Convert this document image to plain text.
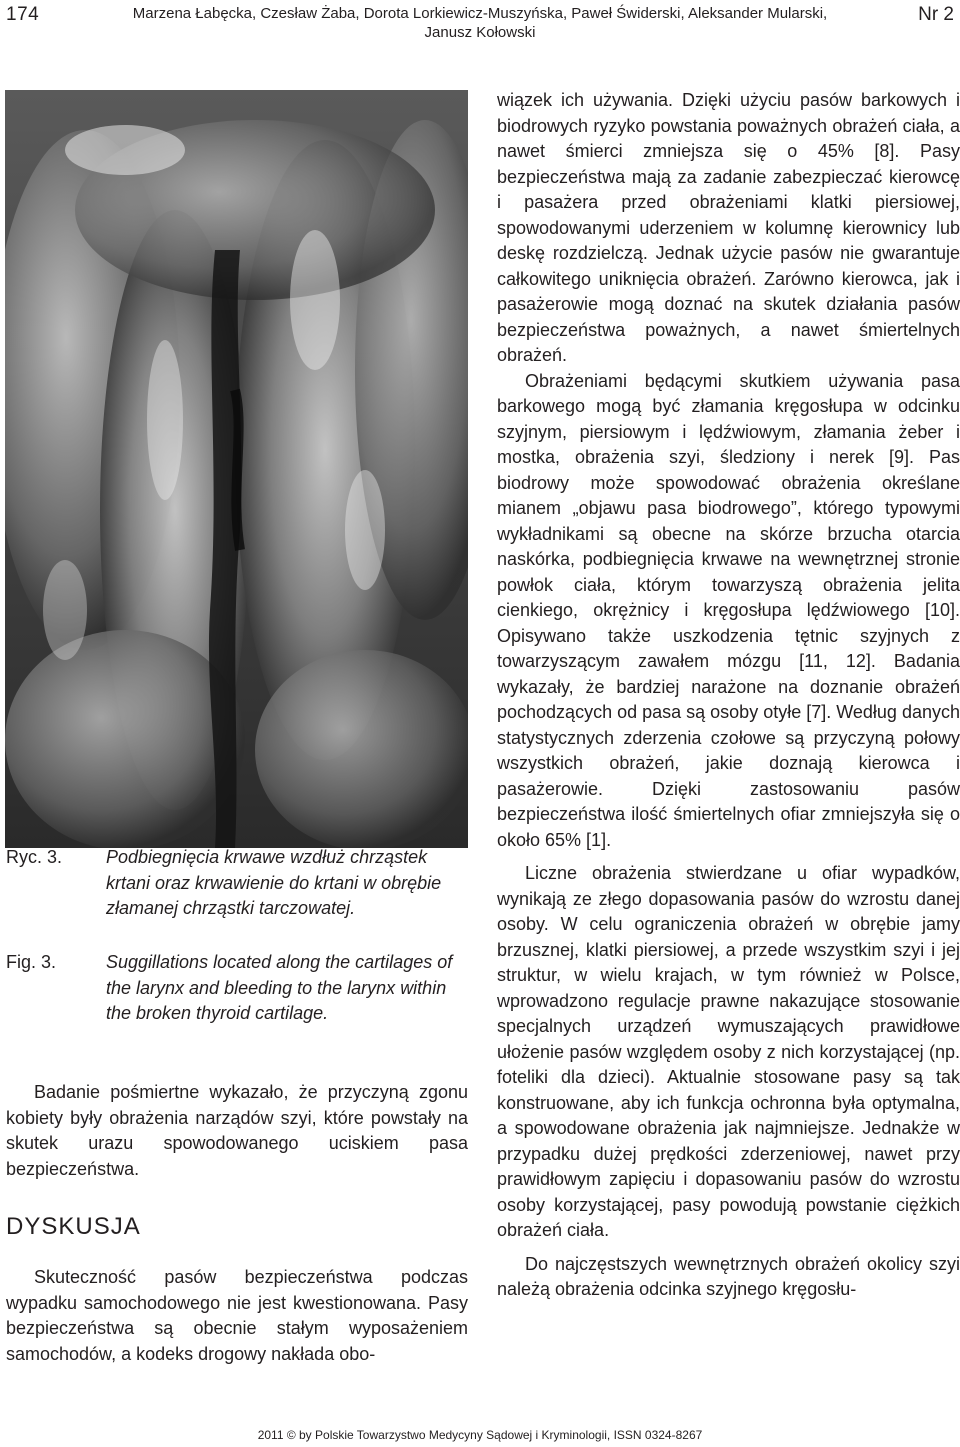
174	Marzena Łabęcka, Czesław Żaba, Dorota Lorkiewicz-Muszyńska, Paweł Świderski, Aleksander Mularski,
Janusz Kołowski
Nr 2
Ryc. 3. Podbiegnięcia krwawe wzdłuż chrząstek krtani oraz krwawienie do krtani w obrębie złamanej chrząstki tarczowatej.
Fig. 3.	Suggillations located along the cartilages of the larynx and bleeding to the larynx within the broken thyroid cartilage.

Badanie pośmiertne wykazało, że przyczyną zgonu kobiety były obrażenia narządów szyi, które powstały na skutek urazu spowodowanego uciskiem pasa bezpieczeństwa.

DYSKUSJA

Skuteczność pasów bezpieczeństwa podczas wypadku samochodowego nie jest kwestionowana. Pasy bezpieczeństwa są obecnie stałym wyposażeniem samochodów, a kodeks drogowy nakłada obo-

wiązek ich używania. Dzięki użyciu pasów barkowych i biodrowych ryzyko powstania poważnych obrażeń ciała, a nawet śmierci zmniejsza się o 45% [8]. Pasy bezpieczeństwa mają za zadanie zabezpieczać kierowcę i pasażera przed obrażeniami klatki piersiowej, spowodowanymi uderzeniem w kolumnę kierownicy lub deskę rozdzielczą. Jednak użycie pasów nie gwarantuje całkowitego uniknięcia obrażeń. Zarówno kierowca, jak i pasażerowie mogą doznać na skutek działania pasów bezpieczeństwa poważnych, a nawet śmiertelnych obrażeń.

Obrażeniami będącymi skutkiem używania pasa barkowego mogą być złamania kręgosłupa w odcinku szyjnym, piersiowym i lędźwiowym, złamania żeber i mostka, obrażenia szyi, śledziony i nerek [9]. Pas biodrowy może spowodować obrażenia określane mianem „objawu pasa biodrowego”, którego typowymi wykładnikami są obecne na skórze brzucha otarcia naskórka, podbiegnięcia krwawe na wewnętrznej stronie powłok ciała, którym towarzyszą obrażenia jelita cienkiego, okrężnicy i kręgosłupa lędźwiowego [10]. Opisywano także uszkodzenia tętnic szyjnych z towarzyszącym zawałem mózgu [11, 12]. Badania wykazały, że bardziej narażone na doznanie obrażeń pochodzących od pasa są osoby otyłe [7]. Według danych statystycznych zderzenia czołowe są przyczyną połowy wszystkich obrażeń, jakie doznają kierowca i pasażerowie. Dzięki zastosowaniu pasów bezpieczeństwa ilość śmiertelnych ofiar zmniejszyła się o około 65% [1].

Liczne obrażenia stwierdzane u ofiar wypadków, wynikają ze złego dopasowania pasów do wzrostu danej osoby. W celu ograniczenia obrażeń w obrębie jamy brzusznej, klatki piersiowej, a przede wszystkim szyi i jej struktur, w wielu krajach, w tym również w Polsce, wprowadzono regulacje prawne nakazujące stosowanie specjalnych urządzeń wymuszających prawidłowe ułożenie pasów względem osoby z nich korzystającej (np. foteliki dla dzieci). Aktualnie stosowane pasy są tak konstruowane, aby ich funkcja ochronna była optymalna, a spowodowane obrażenia jak najmniejsze. Jednakże w przypadku dużej prędkości zderzeniowej, nawet przy prawidłowym zapięciu i dopasowaniu pasów do wzrostu osoby korzystającej, pasy powodują powstanie ciężkich obrażeń ciała.

Do najczęstszych wewnętrznych obrażeń okolicy szyi należą obrażenia odcinka szyjnego kręgosłu-

2011 © by Polskie Towarzystwo Medycyny Sądowej i Kryminologii, ISSN 0324-8267
